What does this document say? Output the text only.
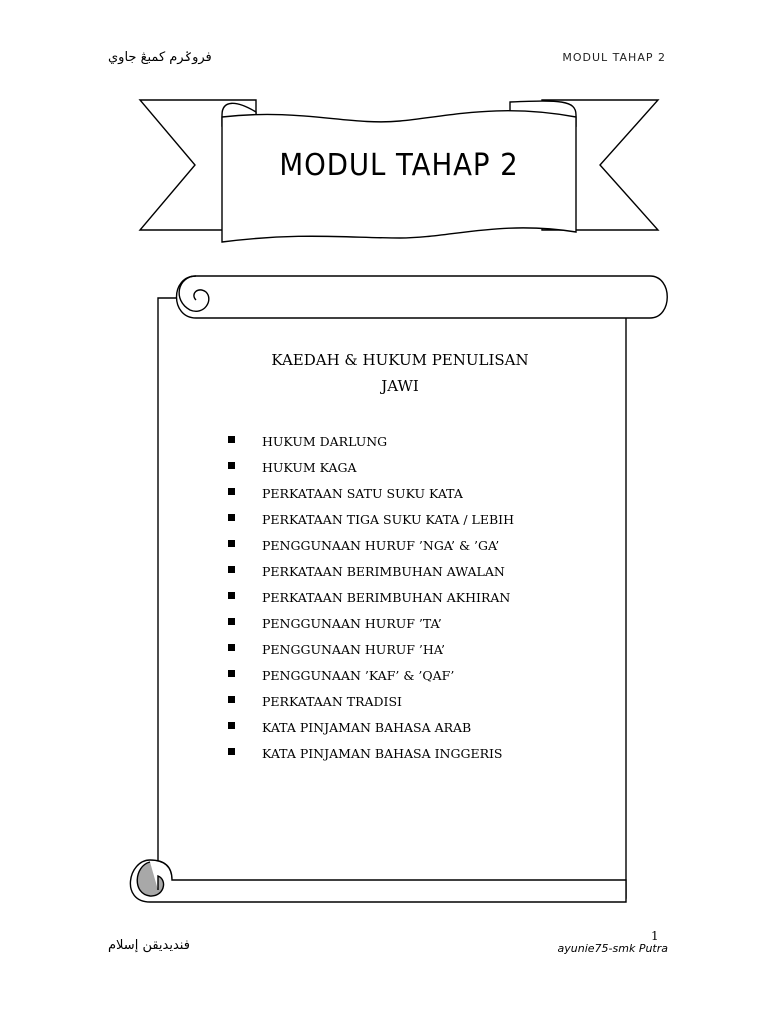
فروݢرم كمبڠ جاوي	MODUL TAHAP 2
MODUL TAHAP 2
KAEDAH & HUKUM PENULISAN
JAWI
HUKUM DARLUNG
HUKUM KAGA
PERKATAAN SATU SUKU KATA
PERKATAAN TIGA SUKU KATA / LEBIH
PENGGUNAAN HURUF ’NGA’ & ’GA’
PERKATAAN BERIMBUHAN AWALAN
PERKATAAN BERIMBUHAN AKHIRAN
PENGGUNAAN HURUF ’TA’
PENGGUNAAN HURUF ’HA’
PENGGUNAAN ’KAF’ & ’QAF’
PERKATAAN TRADISI
KATA PINJAMAN BAHASA ARAB
KATA PINJAMAN BAHASA INGGERIS
1
فنديديقن إسلام	ayunie75-smk Putra
